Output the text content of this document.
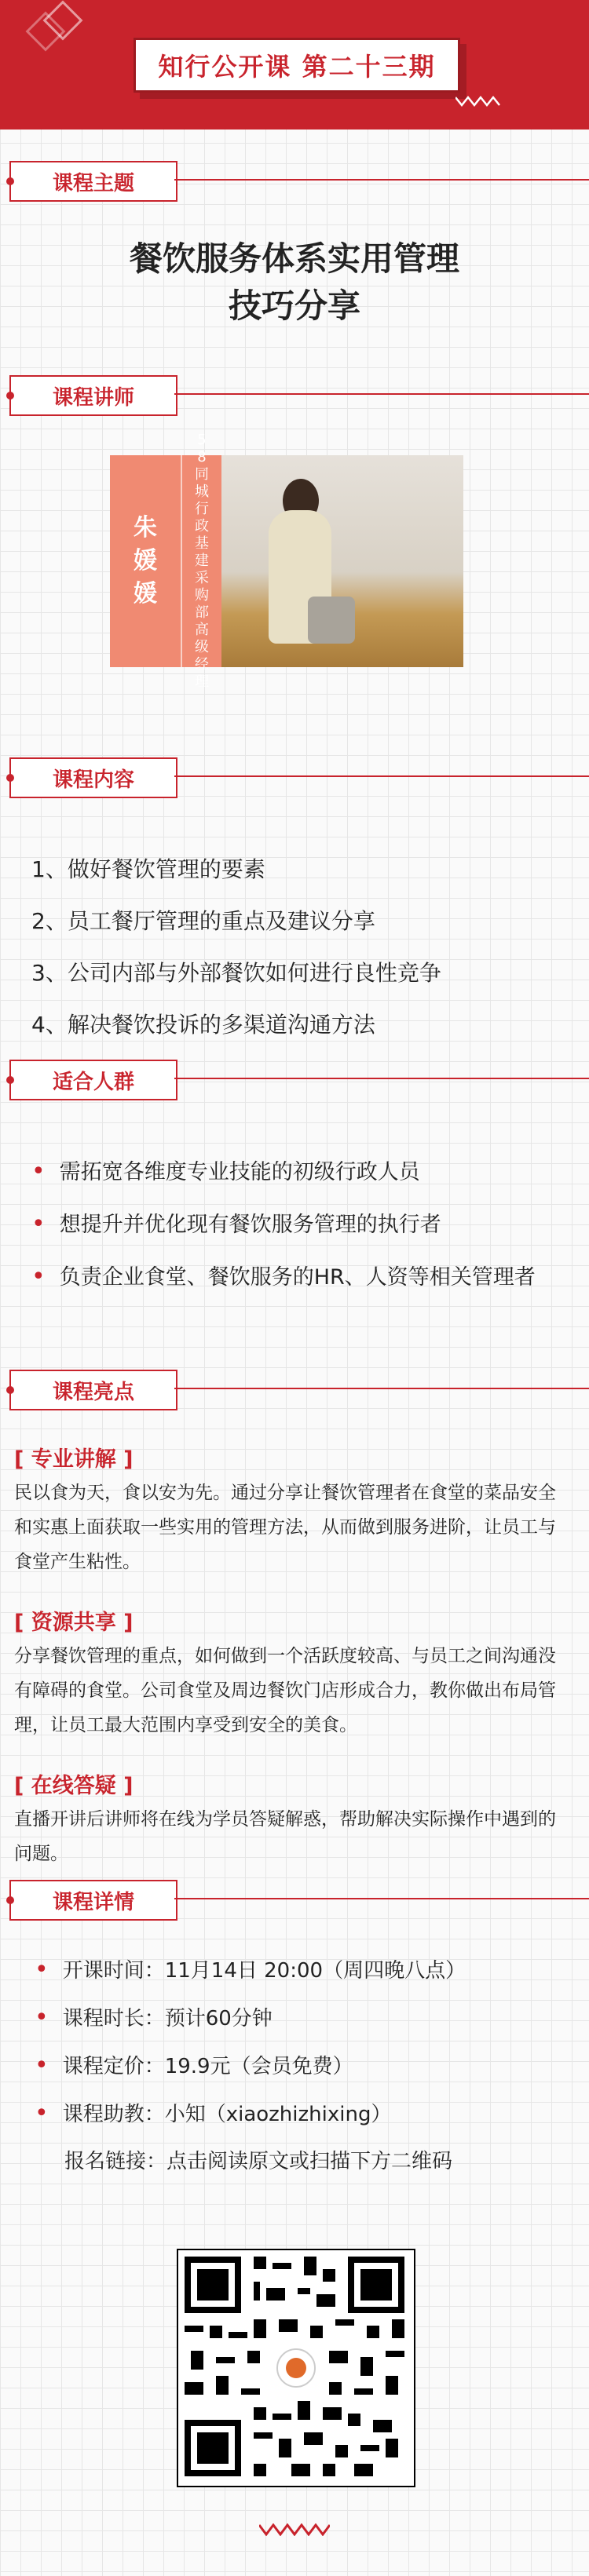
知行公开课 第二十三期
课程主题
餐饮服务体系实用管理
技巧分享
课程讲师
朱
媛
媛
5
8
同
城
行
政
基
建
采
购
部
高
级
经
理
课程内容
1、做好餐饮管理的要素
2、员工餐厅管理的重点及建议分享
3、公司内部与外部餐饮如何进行良性竞争
4、解决餐饮投诉的多渠道沟通方法
适合人群
• 需拓宽各维度专业技能的初级行政人员
• 想提升并优化现有餐饮服务管理的执行者
• 负责企业食堂、餐饮服务的HR、人资等相关管理者
课程亮点
[ 专业讲解 ]
民以食为天，食以安为先。通过分享让餐饮管理者在食堂的菜品安全和实惠上面获取一些实用的管理方法，从而做到服务进阶，让员工与食堂产生粘性。
[ 资源共享 ]
分享餐饮管理的重点，如何做到一个活跃度较高、与员工之间沟通没有障碍的食堂。公司食堂及周边餐饮门店形成合力，教你做出布局管理，让员工最大范围内享受到安全的美食。
[ 在线答疑 ]
直播开讲后讲师将在线为学员答疑解惑，帮助解决实际操作中遇到的问题。
课程详情
• 开课时间：11月14日 20:00（周四晚八点）
• 课程时长：预计60分钟
• 课程定价：19.9元（会员免费）
• 课程助教：小知（xiaozhizhixing）
报名链接：点击阅读原文或扫描下方二维码
